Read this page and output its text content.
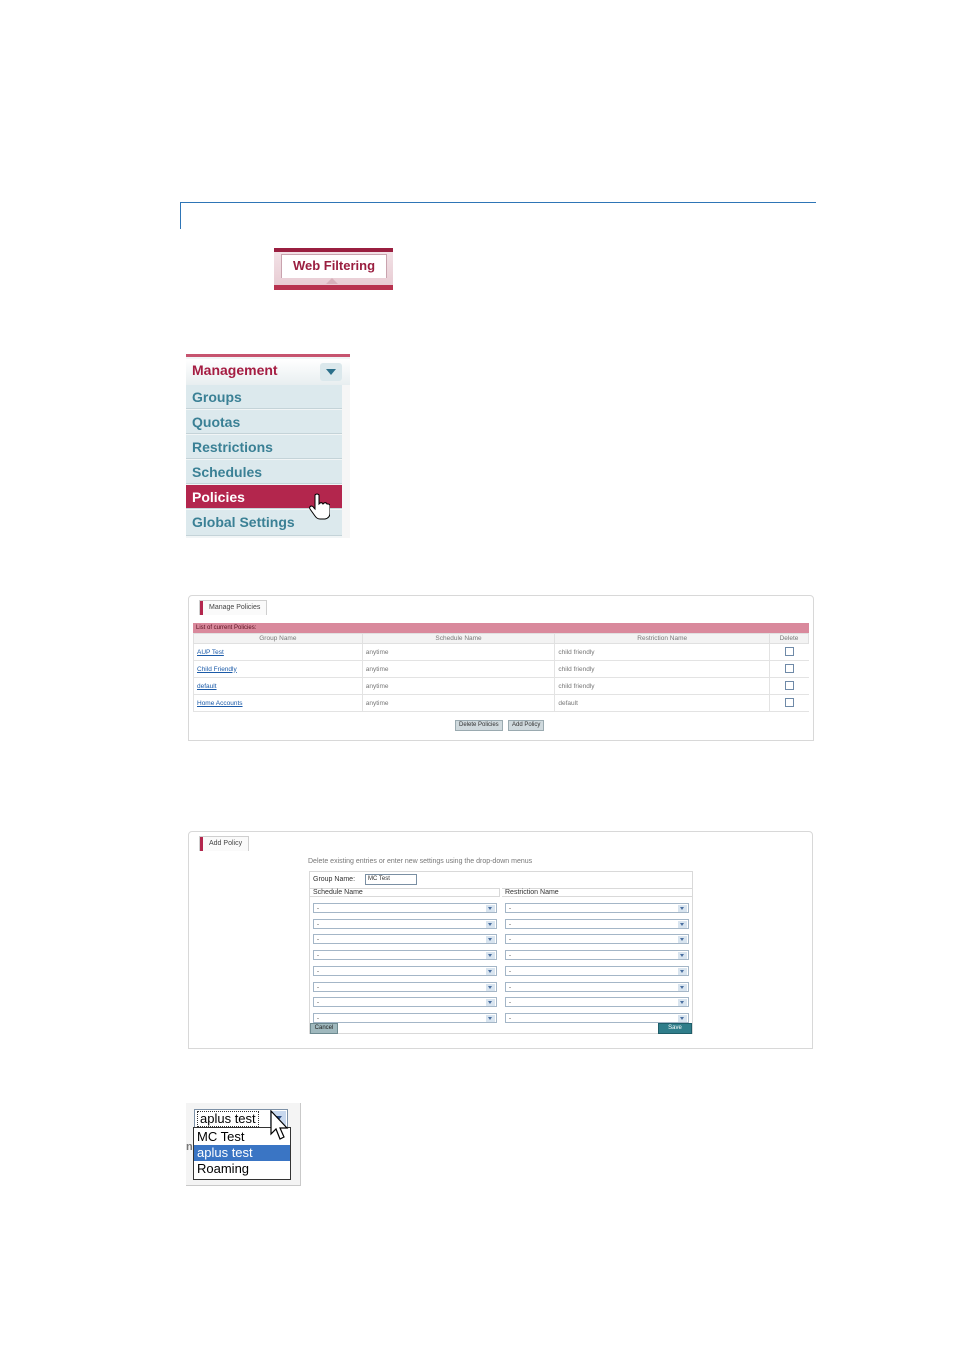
Web Filtering
Management
Groups
Quotas
Restrictions
Schedules
Policies
Global Settings
Manage Policies
List of current Policies:
Group Name	Schedule Name	Restriction Name	Delete
AUP Test	anytime	child friendly	
Child Friendly	anytime	child friendly	
default	anytime	child friendly	
Home Accounts	anytime	default	
Delete Policies	Add Policy
Add Policy
Delete existing entries or enter new settings using the drop-down menus
Group Name:	MC Test
Schedule Name	Restriction Name
-	-
-	-
-	-
-	-
-	-
-	-
-	-
-	-
Cancel	Save
n
aplus test
MC Test
aplus test
Roaming
